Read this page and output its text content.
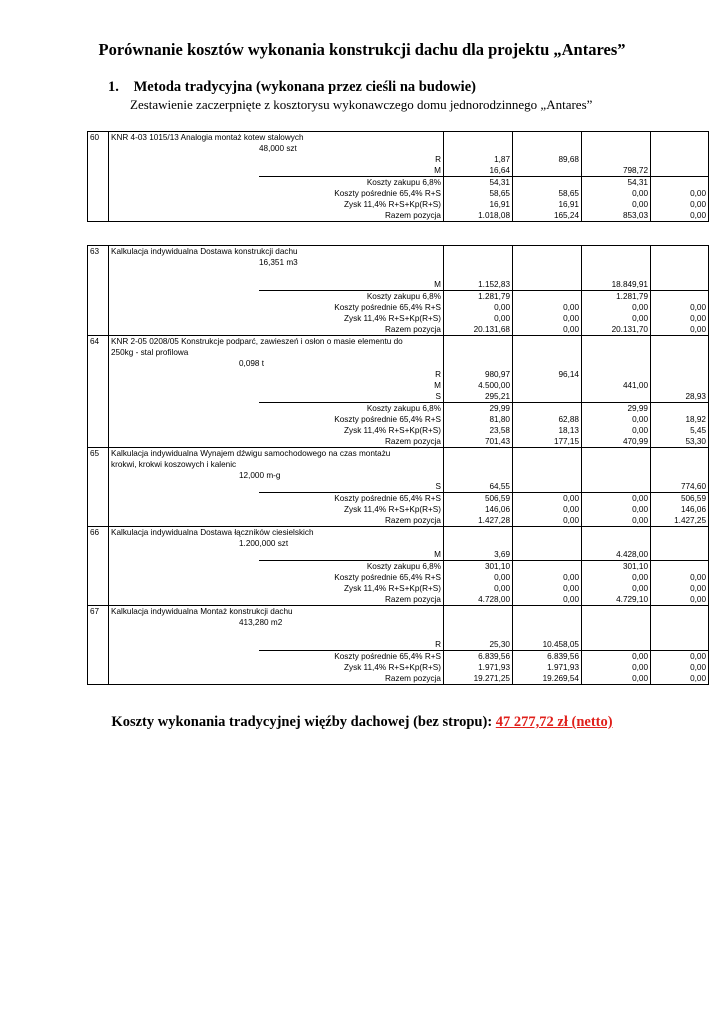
Porównanie kosztów wykonania konstrukcji dachu dla projektu „Antares”
1. Metoda tradycyjna (wykonana przez cieśli na budowie)
Zestawienie zaczerpnięte z kosztorysu wykonawczego domu jednorodzinnego „Antares”
60	KNR 4-03 1015/13 Analogia montaż kotew stalowych					
	48,000 szt					
		R	1,87	89,68		
		M	16,64		798,72	
		Koszty zakupu 6,8%	54,31		54,31	
		Koszty pośrednie 65,4% R+S	58,65	58,65	0,00	0,00
		Zysk 11,4% R+S+Kp(R+S)	16,91	16,91	0,00	0,00
		Razem pozycja	1.018,08	165,24	853,03	0,00
63	Kalkulacja indywidualna Dostawa konstrukcji dachu					
	16,351 m3					

		M	1.152,83		18.849,91	
		Koszty zakupu 6,8%	1.281,79		1.281,79	
		Koszty pośrednie 65,4% R+S	0,00	0,00	0,00	0,00
		Zysk 11,4% R+S+Kp(R+S)	0,00	0,00	0,00	0,00
		Razem pozycja	20.131,68	0,00	20.131,70	0,00
64	KNR 2-05 0208/05 Konstrukcje podparć, zawieszeń i osłon o masie elementu do					
	250kg - stal profilowa					
	0,098 t					
		R	980,97	96,14		
		M	4.500,00		441,00	
		S	295,21			28,93
		Koszty zakupu 6,8%	29,99		29,99	
		Koszty pośrednie 65,4% R+S	81,80	62,88	0,00	18,92
		Zysk 11,4% R+S+Kp(R+S)	23,58	18,13	0,00	5,45
		Razem pozycja	701,43	177,15	470,99	53,30
65	Kalkulacja indywidualna Wynajem dźwigu samochodowego na czas montażu					
	krokwi, krokwi koszowych i kalenic					
	12,000 m-g					
		S	64,55			774,60
		Koszty pośrednie 65,4% R+S	506,59	0,00	0,00	506,59
		Zysk 11,4% R+S+Kp(R+S)	146,06	0,00	0,00	146,06
		Razem pozycja	1.427,28	0,00	0,00	1.427,25
66	Kalkulacja indywidualna Dostawa łączników ciesielskich					
	1.200,000 szt					
		M	3,69		4.428,00	
		Koszty zakupu 6,8%	301,10		301,10	
		Koszty pośrednie 65,4% R+S	0,00	0,00	0,00	0,00
		Zysk 11,4% R+S+Kp(R+S)	0,00	0,00	0,00	0,00
		Razem pozycja	4.728,00	0,00	4.729,10	0,00
67	Kalkulacja indywidualna Montaż konstrukcji dachu					
	413,280 m2					

		R	25,30	10.458,05		
		Koszty pośrednie 65,4% R+S	6.839,56	6.839,56	0,00	0,00
		Zysk 11,4% R+S+Kp(R+S)	1.971,93	1.971,93	0,00	0,00
		Razem pozycja	19.271,25	19.269,54	0,00	0,00
Koszty wykonania tradycyjnej więźby dachowej (bez stropu): 47 277,72 zł (netto)
